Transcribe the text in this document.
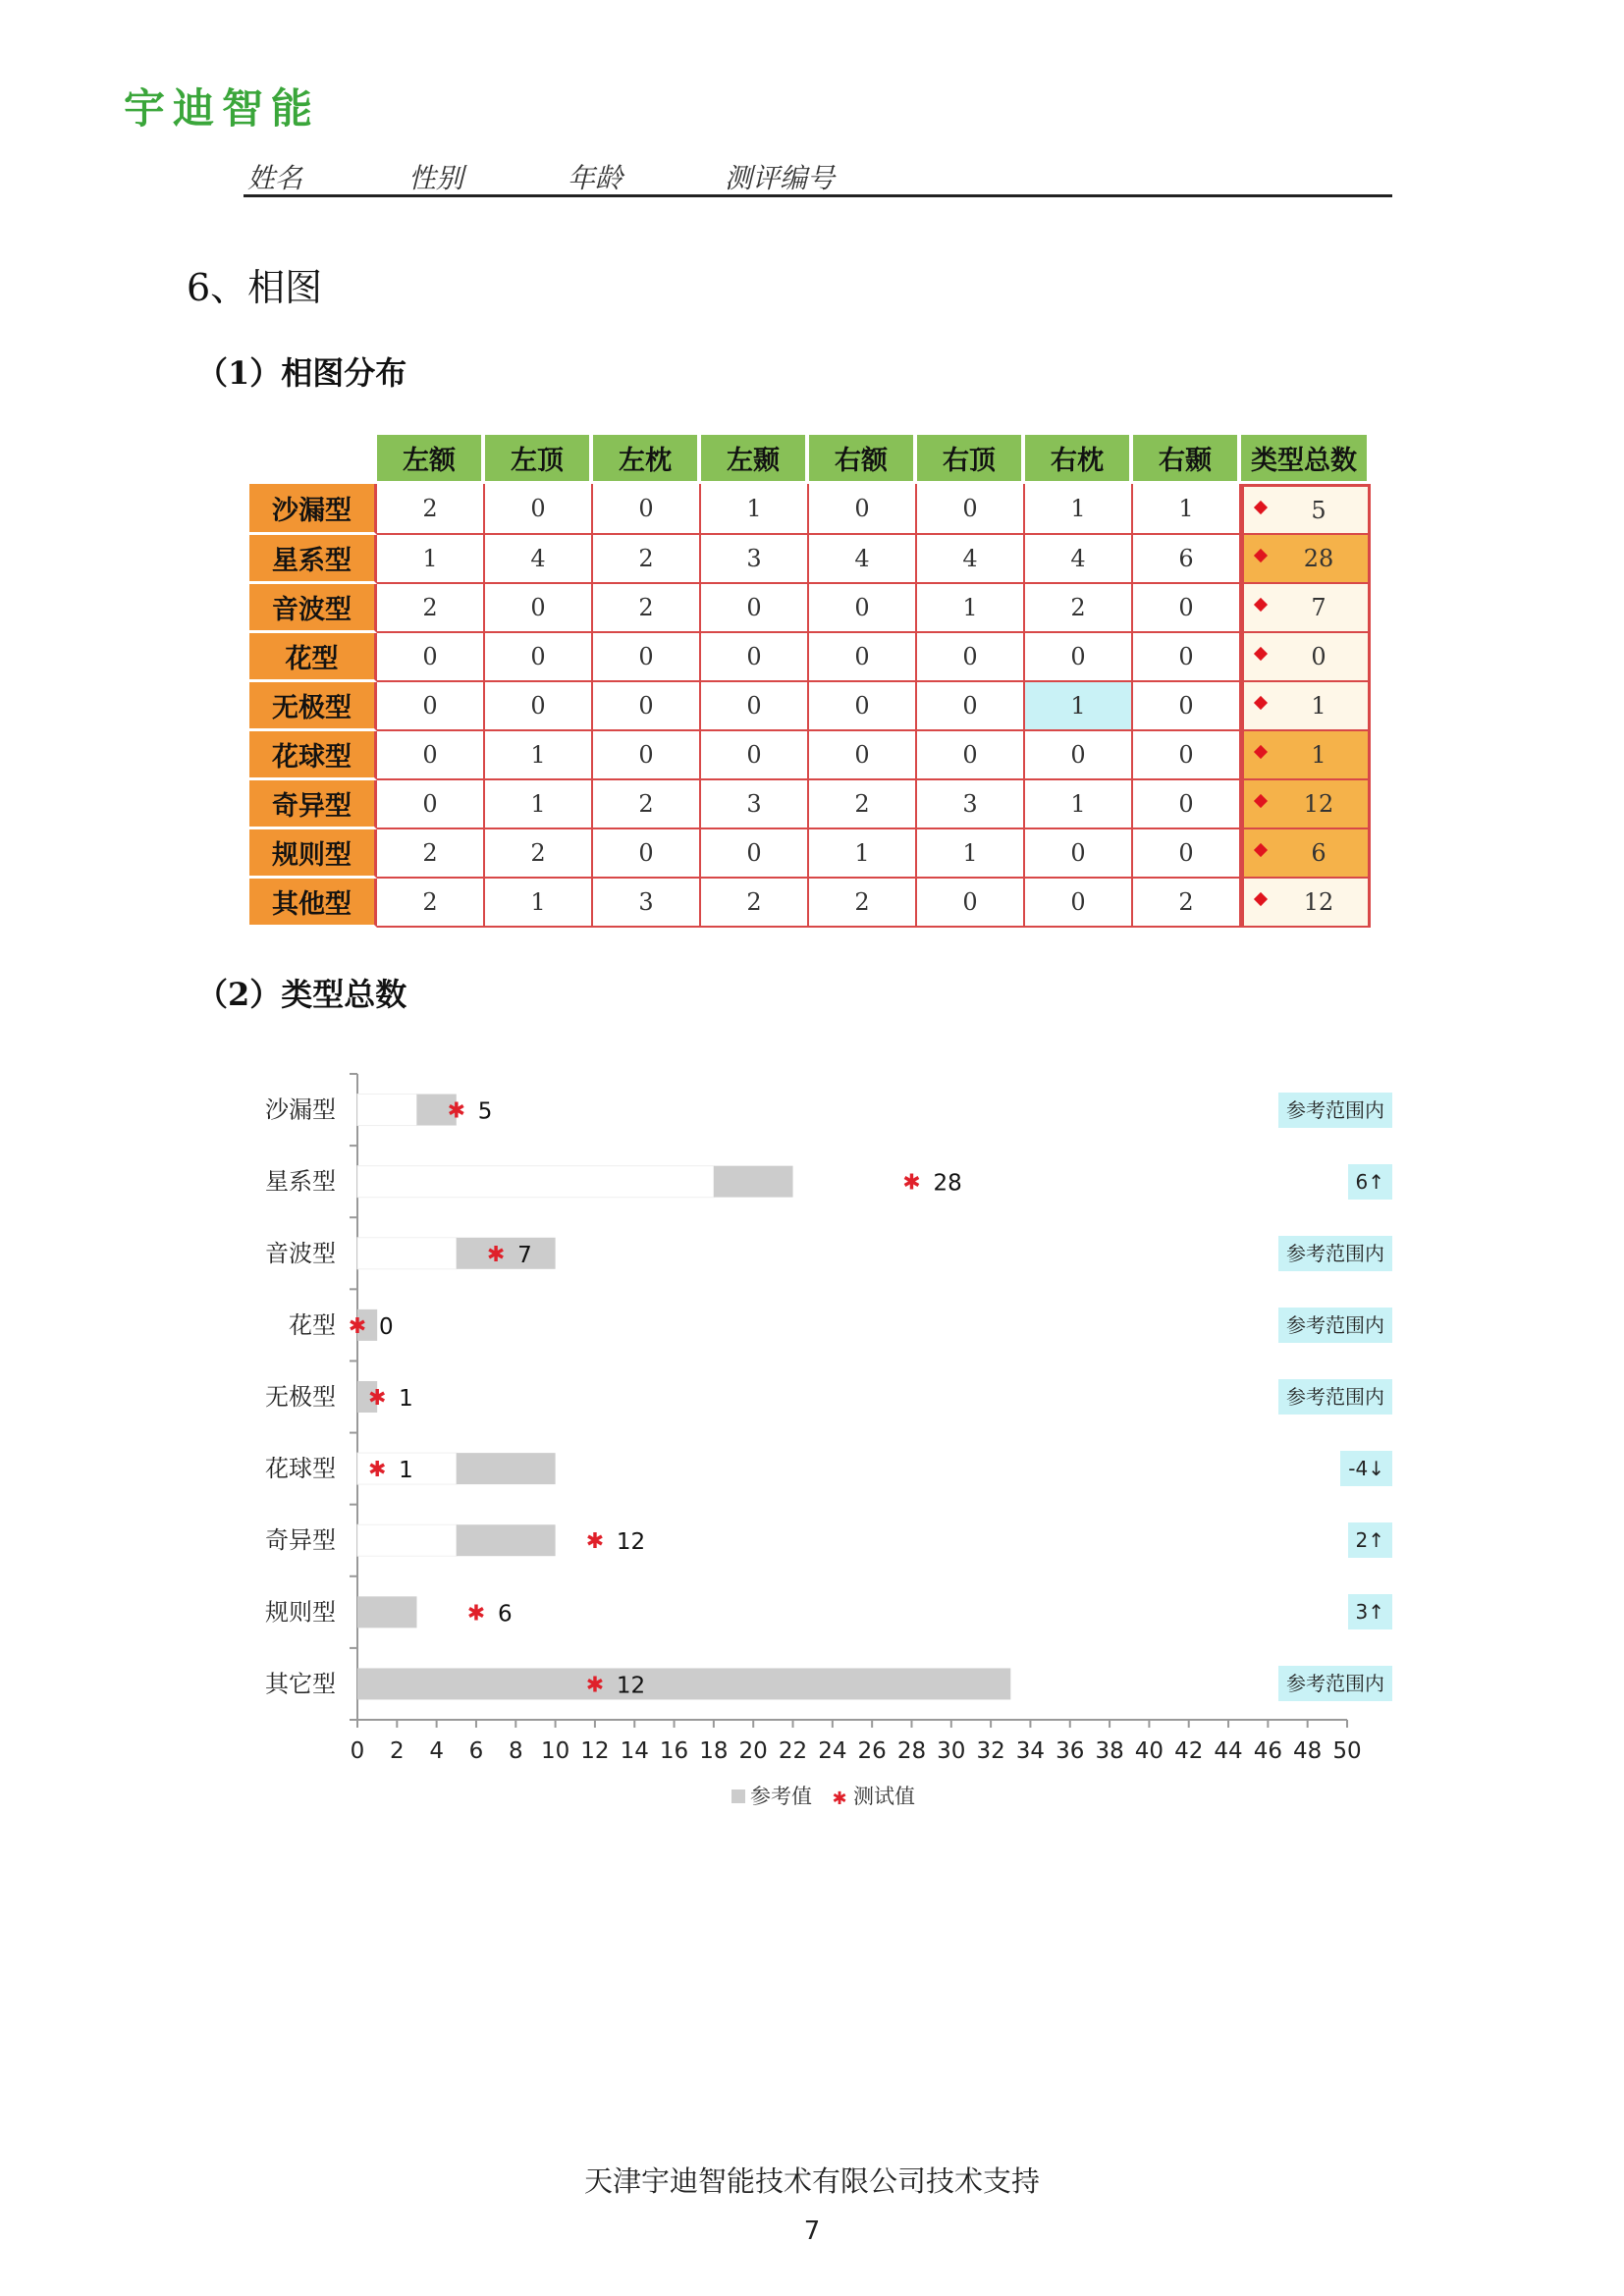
宇迪智能
姓名	性别	年龄	测评编号
6、相图
（1）相图分布
	左额	左顶	左枕	左颞	右额	右顶	右枕	右颞	类型总数
沙漏型	2	0	0	1	0	0	1	1	5
星系型	1	4	2	3	4	4	4	6	28
音波型	2	0	2	0	0	1	2	0	7
花型	0	0	0	0	0	0	0	0	0
无极型	0	0	0	0	0	0	1	0	1
花球型	0	1	0	0	0	0	0	0	1
奇异型	0	1	2	3	2	3	1	0	12
规则型	2	2	0	0	1	1	0	0	6
其他型	2	1	3	2	2	0	0	2	12
（2）类型总数
0 2 4 6 8 10 12 14 16 18 20 22 24 26 28 30 32 34 36 38 40 42 44 46 48 50
沙漏型	✱ 5
星系型	✱ 28
音波型	✱ 7
花型 ✱ 0
无极型 ✱ 1
花球型 ✱ 1
奇异型	✱ 12
规则型	✱ 6
其它型	✱ 12
参考值 ✱ 测试值
参考范围内
6↑
参考范围内
参考范围内
参考范围内
-4↓
2↑
3↑
参考范围内
天津宇迪智能技术有限公司技术支持
7
